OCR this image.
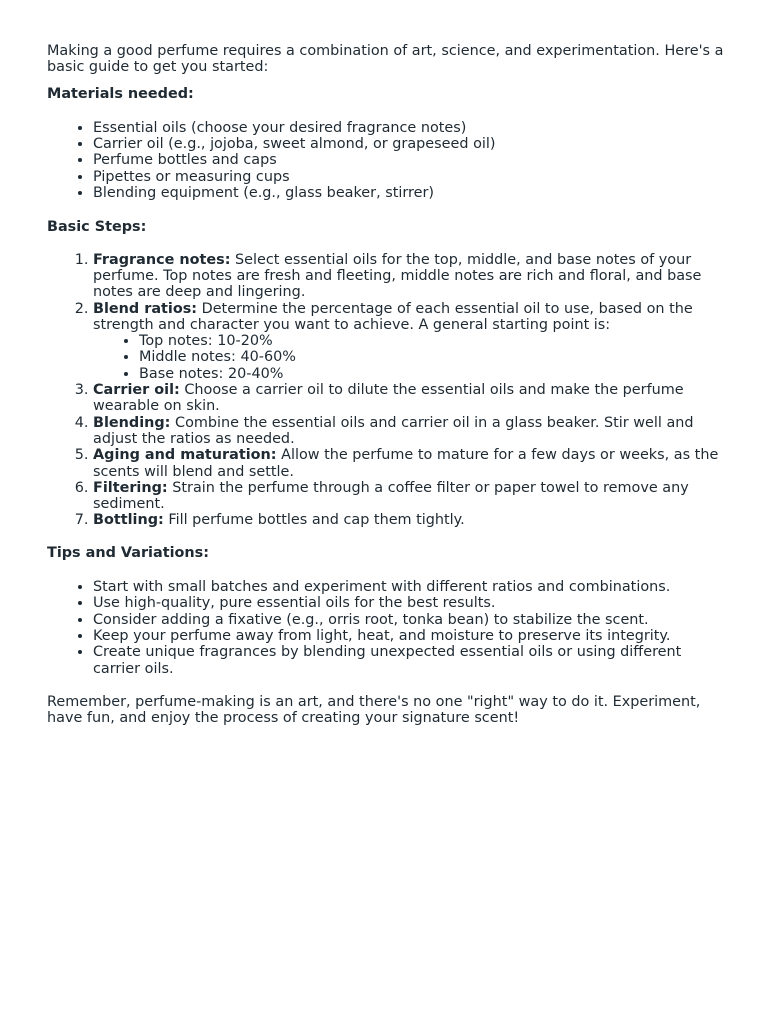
Making a good perfume requires a combination of art, science, and experimentation. Here's a basic guide to get you started:

Materials needed:

• Essential oils (choose your desired fragrance notes)
• Carrier oil (e.g., jojoba, sweet almond, or grapeseed oil)
• Perfume bottles and caps
• Pipettes or measuring cups
• Blending equipment (e.g., glass beaker, stirrer)

Basic Steps:

1. Fragrance notes: Select essential oils for the top, middle, and base notes of your perfume. Top notes are fresh and fleeting, middle notes are rich and floral, and base notes are deep and lingering.
2. Blend ratios: Determine the percentage of each essential oil to use, based on the strength and character you want to achieve. A general starting point is:
• Top notes: 10-20%
• Middle notes: 40-60%
• Base notes: 20-40%
3. Carrier oil: Choose a carrier oil to dilute the essential oils and make the perfume wearable on skin.
4. Blending: Combine the essential oils and carrier oil in a glass beaker. Stir well and adjust the ratios as needed.
5. Aging and maturation: Allow the perfume to mature for a few days or weeks, as the scents will blend and settle.
6. Filtering: Strain the perfume through a coffee filter or paper towel to remove any sediment.
7. Bottling: Fill perfume bottles and cap them tightly.

Tips and Variations:

• Start with small batches and experiment with different ratios and combinations.
• Use high-quality, pure essential oils for the best results.
• Consider adding a fixative (e.g., orris root, tonka bean) to stabilize the scent.
• Keep your perfume away from light, heat, and moisture to preserve its integrity.
• Create unique fragrances by blending unexpected essential oils or using different carrier oils.

Remember, perfume-making is an art, and there's no one "right" way to do it. Experiment, have fun, and enjoy the process of creating your signature scent!
